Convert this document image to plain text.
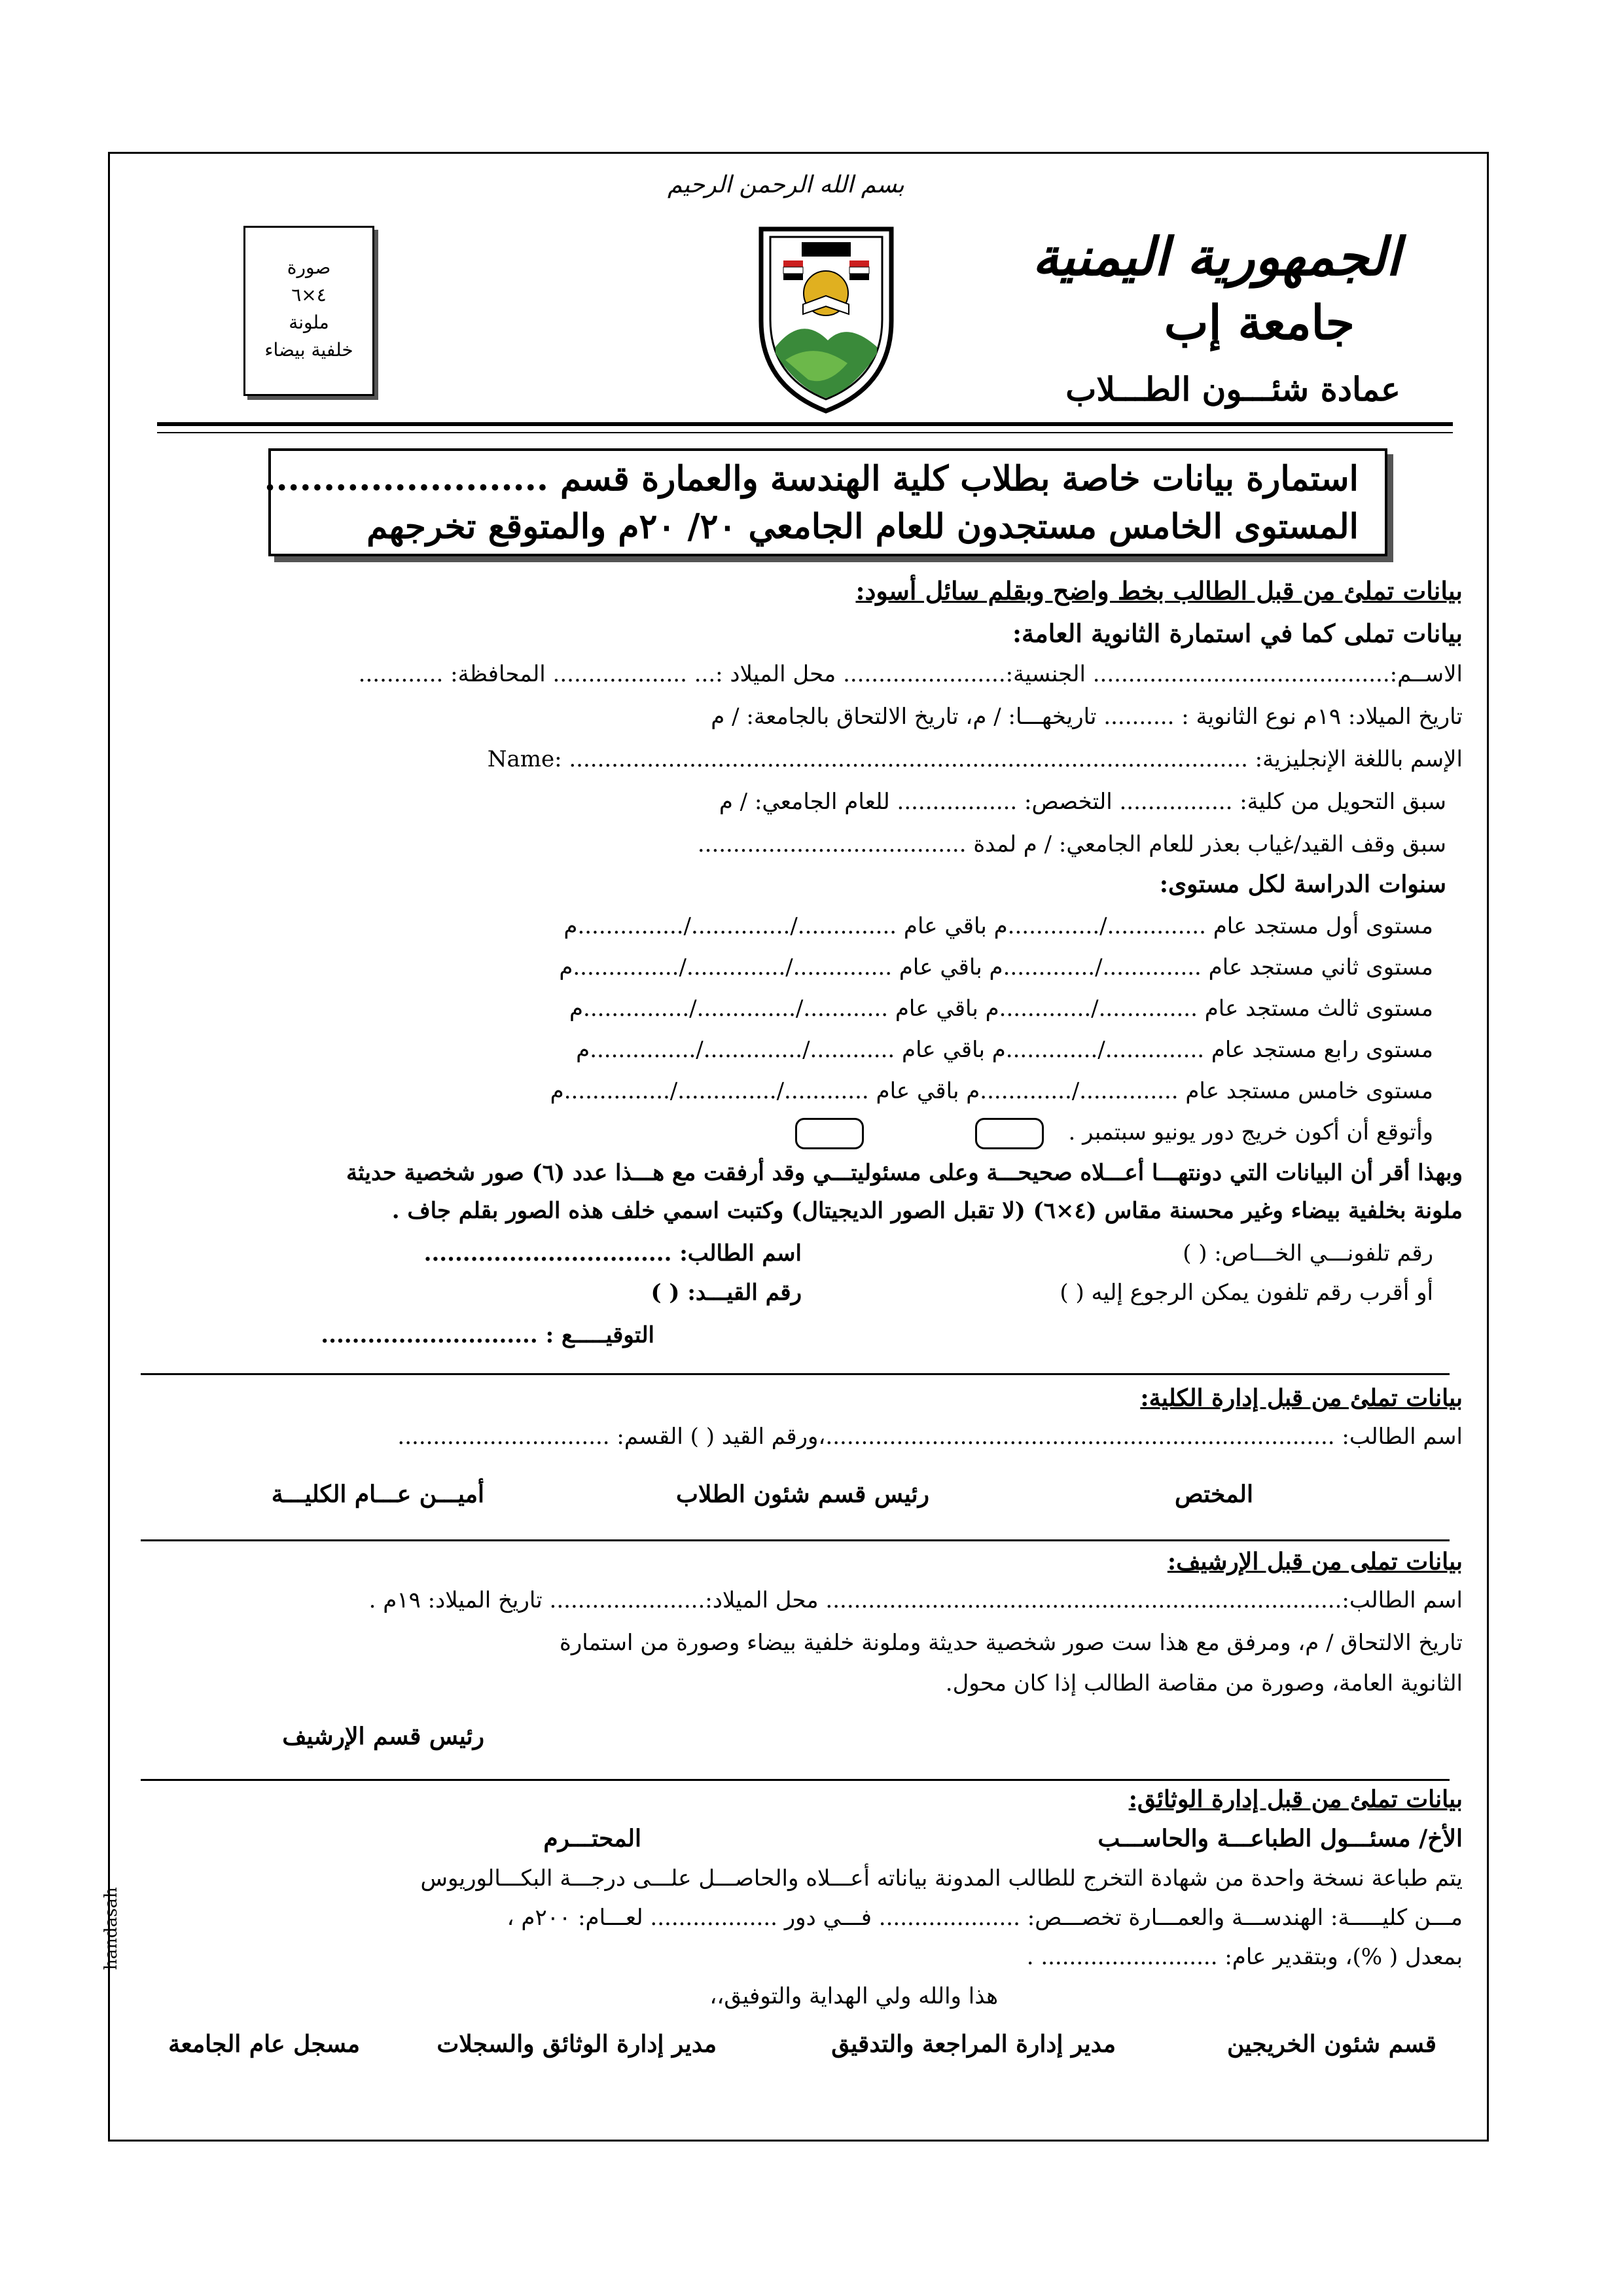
بسم الله الرحمن الرحيم
صورة
٤×٦
ملونة
خلفية بيضاء
الجمهورية اليمنية
جامعة إب
عمادة شئـــون الطـــلاب
استمارة بيانات خاصة بطلاب كلية الهندسة والعمارة قسم ........................
المستوى الخامس مستجدون للعام الجامعي ٢٠/ ٢٠م والمتوقع تخرجهم
بيانات تملئ من قبل الطالب بخط واضح وبقلم سائل أسود:
بيانات تملى كما في استمارة الثانوية العامة:
الاســم:.......................................... الجنسية:....................... محل الميلاد :... ................... المحافظة: ............
تاريخ الميلاد: ١٩م نوع الثانوية : .......... تاريخهـــا: / م، تاريخ الالتحاق بالجامعة: / م
الإسم باللغة الإنجليزية: ................................................................................................ :Name
سبق التحويل من كلية: ................ التخصص: ................. للعام الجامعي: / م
سبق وقف القيد/غياب بعذر للعام الجامعي: / م لمدة ......................................
سنوات الدراسة لكل مستوى:
مستوى أول مستجد عام ............../.............م باقي عام ............../............../...............م
مستوى ثاني مستجد عام ............../.............م باقي عام ............../............../...............م
مستوى ثالث مستجد عام ............../.............م باقي عام ............/............../...............م
مستوى رابع مستجد عام ............../.............م باقي عام ............/............../...............م
مستوى خامس مستجد عام ............../.............م باقي عام ............/............../...............م
وأتوقع أن أكون خريج دور يونيو سبتمبر .
وبهذا أقر أن البيانات التي دونتهـــا أعـــلاه صحيحـــة وعلى مسئوليتـــي وقد أرفقت مع هـــذا عدد (٦) صور شخصية حديثة
ملونة بخلفية بيضاء وغير محسنة مقاس (٤×٦) (لا تقبل الصور الديجيتال) وكتبت اسمي خلف هذه الصور بقلم جاف .
رقم تلفونـــي الخـــاص: ( )
اسم الطالب: ................................
أو أقرب رقم تلفون يمكن الرجوع إليه ( )
رقم القيـــد: ( )
التوقيـــــع : ............................
بيانات تملئ من قبل إدارة الكلية:
اسم الطالب: ........................................................................،ورقم القيد ( ) القسم: ..............................
المختص
رئيس قسم شئون الطلاب
أميـــن عـــام الكليـــة
بيانات تملى من قبل الإرشيف:
اسم الطالب:......................................................................... محل الميلاد:...................... تاريخ الميلاد: ١٩م .
تاريخ الالتحاق / م، ومرفق مع هذا ست صور شخصية حديثة وملونة خلفية بيضاء وصورة من استمارة
الثانوية العامة، وصورة من مقاصة الطالب إذا كان محول.
رئيس قسم الإرشيف
بيانات تملئ من قبل إدارة الوثائق:
الأخ/ مسئـــول الطباعـــة والحاســـب
المحتـــرم
يتم طباعة نسخة واحدة من شهادة التخرج للطالب المدونة بياناته أعـــلاه والحاصـــل علـــى درجـــة البكـــالوريوس
مـــن كليـــــة: الهندســـة والعمـــارة تخصـــص: .................... فـــي دور .................. لعـــام: ٢٠٠م ،
بمعدل ( %)، وبتقدير عام: ......................... .
هذا والله ولي الهداية والتوفيق،،
قسم شئون الخريجين
مدير إدارة المراجعة والتدقيق
مدير إدارة الوثائق والسجلات
مسجل عام الجامعة
handasah
